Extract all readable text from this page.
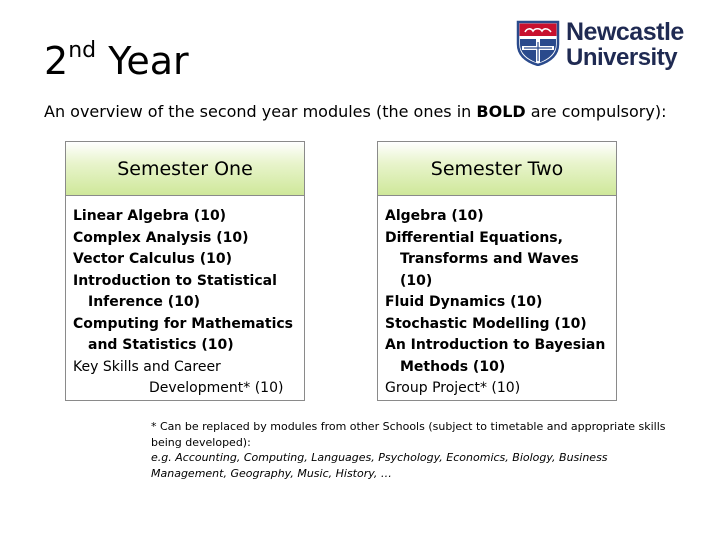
2nd Year
Newcastle
University
An overview of the second year modules (the ones in BOLD are compulsory):
Semester One
Linear Algebra (10)
Complex Analysis (10)
Vector Calculus (10)
Introduction to Statistical Inference (10)
Computing for Mathematics and Statistics (10)
Key Skills and Career
Development* (10)
Semester Two
Algebra (10)
Differential Equations, Transforms and Waves (10)
Fluid Dynamics (10)
Stochastic Modelling (10)
An Introduction to Bayesian Methods (10)
Group Project* (10)
* Can be replaced by modules from other Schools (subject to timetable and appropriate skills being developed):
e.g. Accounting, Computing, Languages, Psychology, Economics, Biology, Business Management, Geography, Music, History, …
